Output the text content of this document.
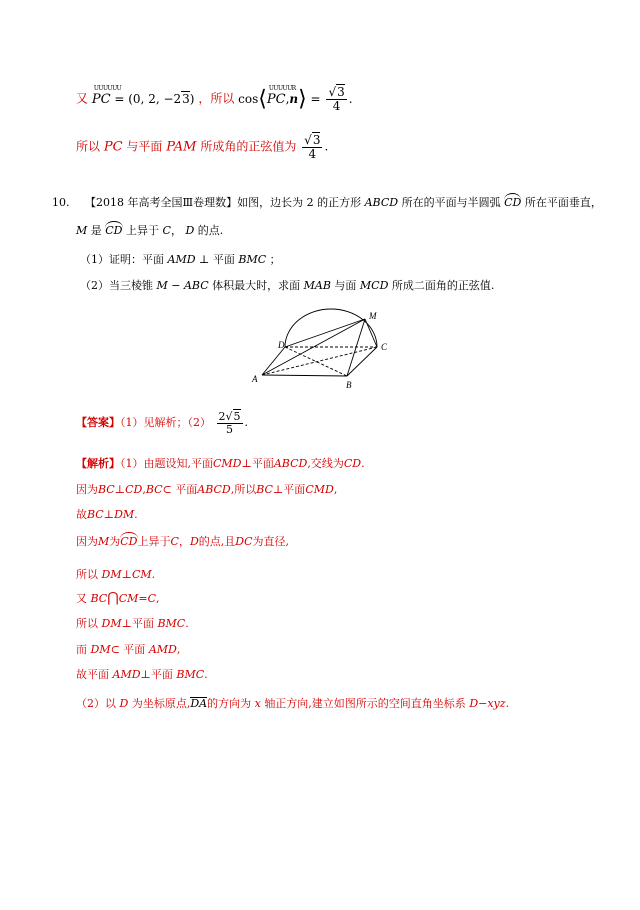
又
UUUUUU
PC = (0, 2, −23) ，所以 cos⟨ UUUUUR
PC,n⟩ = $\frac{√3}{4}$ .
所以 PC 与平面 PAM 所成角的正弦值为 $\frac{√3}{4}$ .
10. 【2018 年高考全国Ⅲ卷理数】如图，边长为 2 的正方形 ABCD 所在的平面与半圆弧 CD 所在平面垂直，
M 是 CD 上异于 C， D 的点.
（1）证明：平面 AMD ⊥ 平面 BMC ；
（2）当三棱锥 M − ABC 体积最大时，求面 MAB 与面 MCD 所成二面角的正弦值.
A
B
C
D
M
【答案】（1）见解析；$(2) \frac{2√5}{5}$ .
【解析】（1）由题设知,平面CMD⊥平面ABCD,交线为CD.
因为BC⊥CD,BC⊂ 平面ABCD,所以BC⊥平面CMD,
故BC⊥DM.
因为M为CD上异于C，D的点,且DC为直径,
所以 DM⊥CM.
又 BC⋂CM=C,
所以 DM⊥平面 BMC.
而 DM⊂ 平面 AMD,
故平面 AMD⊥平面 BMC.
（2）以 D 为坐标原点,DA的方向为 x 轴正方向,建立如图所示的空间直角坐标系 D−xyz.
